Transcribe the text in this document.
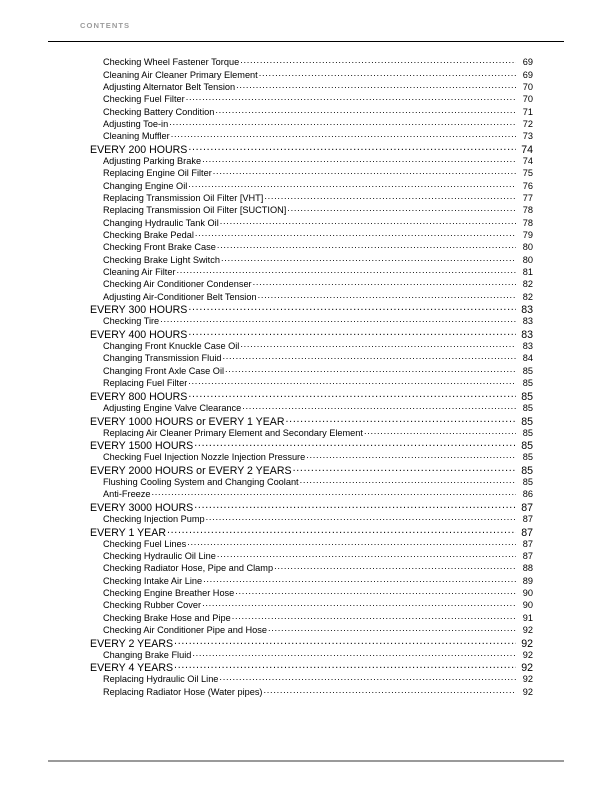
CONTENTS
Checking Wheel Fastener Torque .....	69
Cleaning Air Cleaner Primary Element .....	69
Adjusting Alternator Belt Tension .....	70
Checking Fuel Filter .....	70
Checking Battery Condition .....	71
Adjusting Toe-in .....	72
Cleaning Muffler .....	73
EVERY 200 HOURS .....	74
Adjusting Parking Brake .....	74
Replacing Engine Oil Filter .....	75
Changing Engine Oil .....	76
Replacing Transmission Oil Filter [VHT] .....	77
Replacing Transmission Oil Filter [SUCTION] .....	78
Changing Hydraulic Tank Oil .....	78
Checking Brake Pedal .....	79
Checking Front Brake Case .....	80
Checking Brake Light Switch .....	80
Cleaning Air Filter .....	81
Checking Air Conditioner Condenser .....	82
Adjusting Air-Conditioner Belt Tension .....	82
EVERY 300 HOURS .....	83
Checking Tire .....	83
EVERY 400 HOURS .....	83
Changing Front Knuckle Case Oil .....	83
Changing Transmission Fluid .....	84
Changing Front Axle Case Oil .....	85
Replacing Fuel Filter .....	85
EVERY 800 HOURS .....	85
Adjusting Engine Valve Clearance .....	85
EVERY 1000 HOURS or EVERY 1 YEAR .....	85
Replacing Air Cleaner Primary Element and Secondary Element .....	85
EVERY 1500 HOURS .....	85
Checking Fuel Injection Nozzle Injection Pressure .....	85
EVERY 2000 HOURS or EVERY 2 YEARS .....	85
Flushing Cooling System and Changing Coolant .....	85
Anti-Freeze .....	86
EVERY 3000 HOURS .....	87
Checking Injection Pump .....	87
EVERY 1 YEAR .....	87
Checking Fuel Lines .....	87
Checking Hydraulic Oil Line .....	87
Checking Radiator Hose, Pipe and Clamp .....	88
Checking Intake Air Line .....	89
Checking Engine Breather Hose .....	90
Checking Rubber Cover .....	90
Checking Brake Hose and Pipe .....	91
Checking Air Conditioner Pipe and Hose .....	92
EVERY 2 YEARS .....	92
Changing Brake Fluid .....	92
EVERY 4 YEARS .....	92
Replacing Hydraulic Oil Line .....	92
Replacing Radiator Hose (Water pipes) .....	92
